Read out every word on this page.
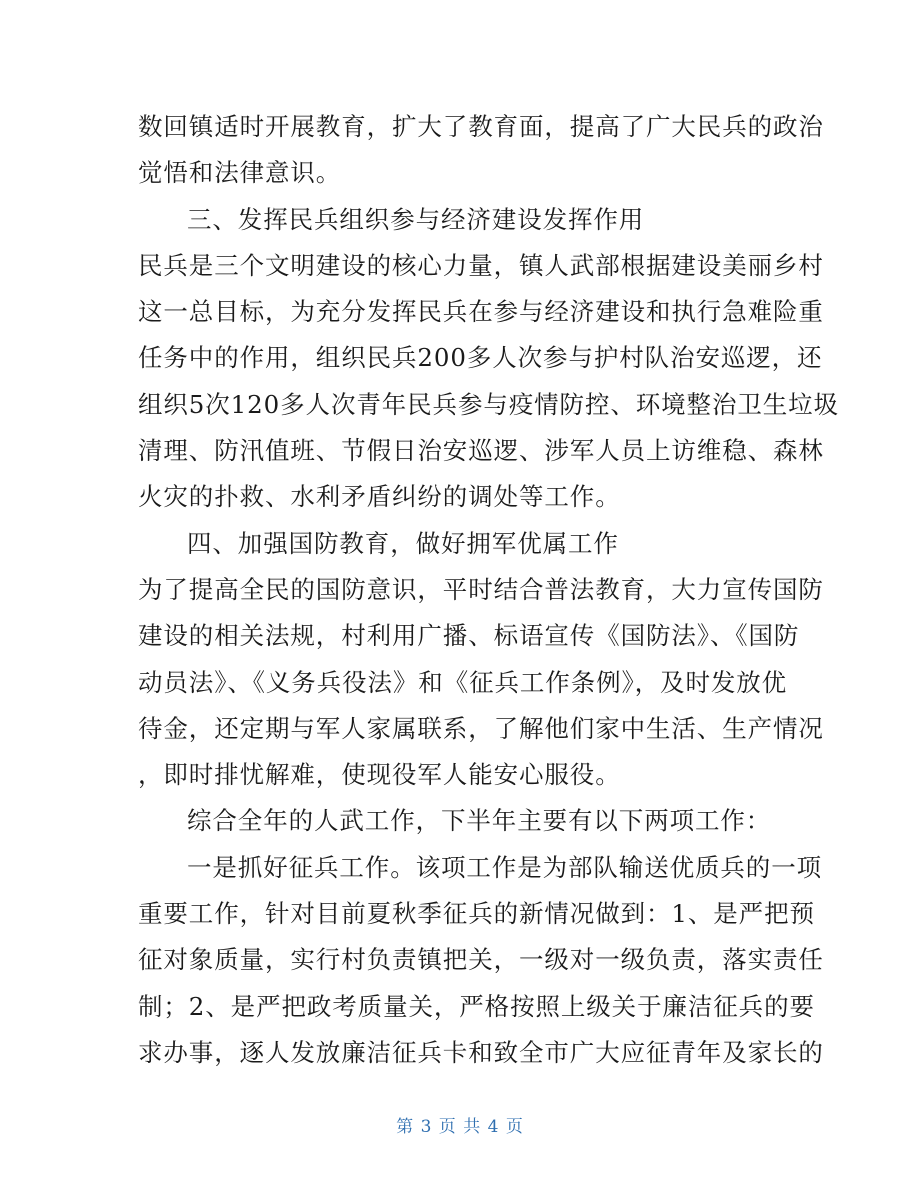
数回镇适时开展教育，扩大了教育面，提高了广大民兵的政治
觉悟和法律意识。
三、发挥民兵组织参与经济建设发挥作用
民兵是三个文明建设的核心力量，镇人武部根据建设美丽乡村
这一总目标，为充分发挥民兵在参与经济建设和执行急难险重
任务中的作用，组织民兵200多人次参与护村队治安巡逻，还
组织5次120多人次青年民兵参与疫情防控、环境整治卫生垃圾
清理、防汛值班、节假日治安巡逻、涉军人员上访维稳、森林
火灾的扑救、水利矛盾纠纷的调处等工作。
四、加强国防教育，做好拥军优属工作
为了提高全民的国防意识，平时结合普法教育，大力宣传国防
建设的相关法规，村利用广播、标语宣传《国防法》、《国防
动员法》、《义务兵役法》和《征兵工作条例》，及时发放优
待金，还定期与军人家属联系，了解他们家中生活、生产情况
，即时排忧解难，使现役军人能安心服役。
综合全年的人武工作，下半年主要有以下两项工作：
一是抓好征兵工作。该项工作是为部队输送优质兵的一项
重要工作，针对目前夏秋季征兵的新情况做到：1、是严把预
征对象质量，实行村负责镇把关，一级对一级负责，落实责任
制；2、是严把政考质量关，严格按照上级关于廉洁征兵的要
求办事，逐人发放廉洁征兵卡和致全市广大应征青年及家长的
第 3 页 共 4 页
